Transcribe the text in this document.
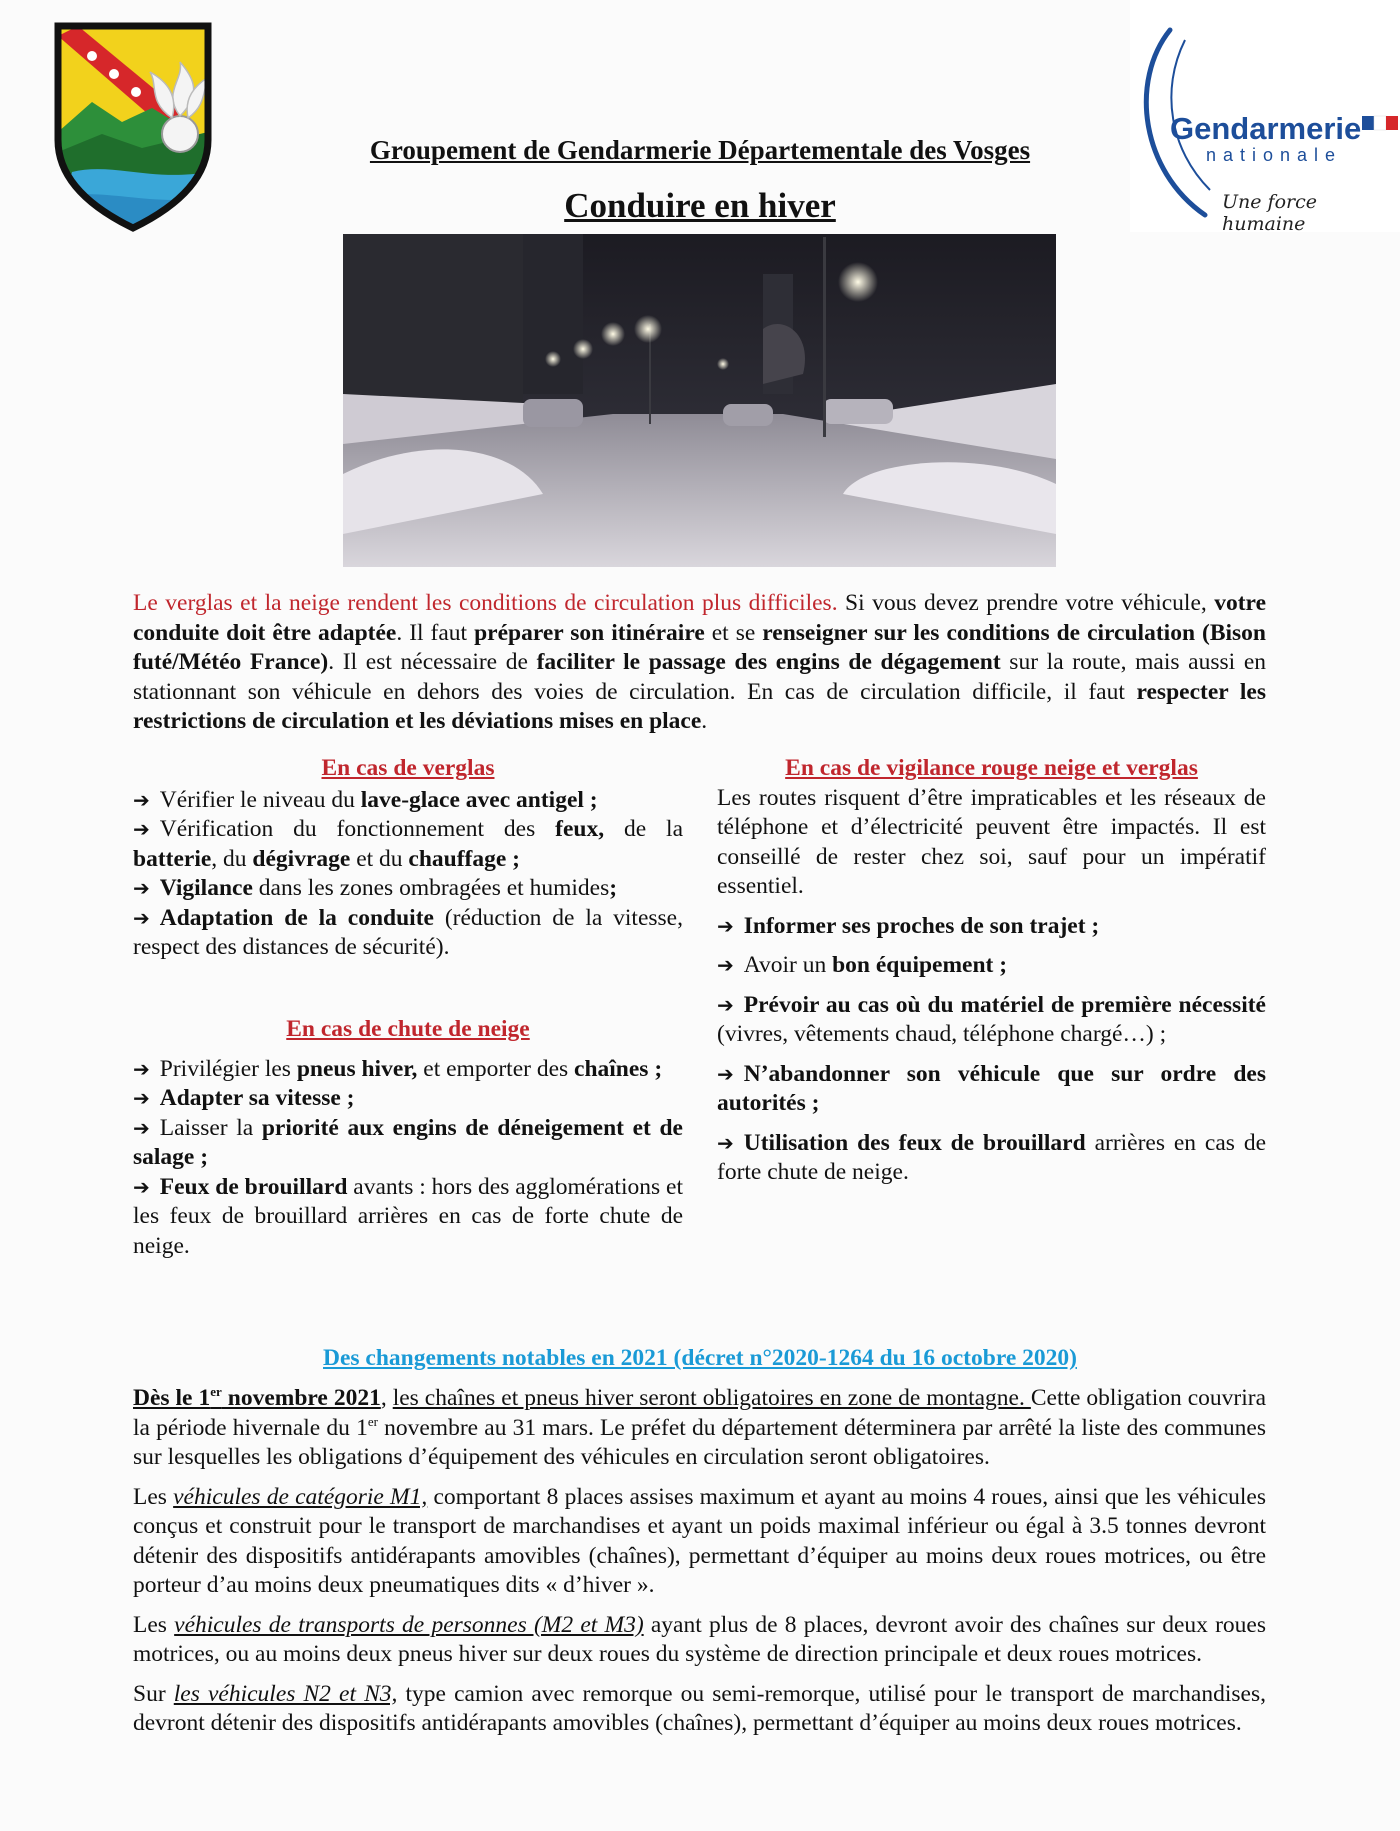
Gendarmerie
nationale
Une force humaine
Groupement de Gendarmerie Départementale des Vosges
Conduire en hiver
Le verglas et la neige rendent les conditions de circulation plus difficiles. Si vous devez prendre votre véhicule, votre conduite doit être adaptée. Il faut préparer son itinéraire et se renseigner sur les conditions de circulation (Bison futé/Météo France). Il est nécessaire de faciliter le passage des engins de dégagement sur la route, mais aussi en stationnant son véhicule en dehors des voies de circulation. En cas de circulation difficile, il faut respecter les restrictions de circulation et les déviations mises en place.
En cas de verglas
➔ Vérifier le niveau du lave-glace avec antigel ;
➔ Vérification du fonctionnement des feux, de la batterie, du dégivrage et du chauffage ;
➔ Vigilance dans les zones ombragées et humides;
➔ Adaptation de la conduite (réduction de la vitesse, respect des distances de sécurité).
En cas de chute de neige
➔ Privilégier les pneus hiver, et emporter des chaînes ;
➔ Adapter sa vitesse ;
➔ Laisser la priorité aux engins de déneigement et de salage ;
➔ Feux de brouillard avants : hors des agglomérations et les feux de brouillard arrières en cas de forte chute de neige.
En cas de vigilance rouge neige et verglas
Les routes risquent d’être impraticables et les réseaux de téléphone et d’électricité peuvent être impactés. Il est conseillé de rester chez soi, sauf pour un impératif essentiel.
➔ Informer ses proches de son trajet ;
➔ Avoir un bon équipement ;
➔ Prévoir au cas où du matériel de première nécessité (vivres, vêtements chaud, téléphone chargé…) ;
➔ N’abandonner son véhicule que sur ordre des autorités ;
➔ Utilisation des feux de brouillard arrières en cas de forte chute de neige.
Des changements notables en 2021 (décret n°2020-1264 du 16 octobre 2020)
Dès le 1er novembre 2021, les chaînes et pneus hiver seront obligatoires en zone de montagne. Cette obligation couvrira la période hivernale du 1er novembre au 31 mars. Le préfet du département déterminera par arrêté la liste des communes sur lesquelles les obligations d’équipement des véhicules en circulation seront obligatoires.
Les véhicules de catégorie M1, comportant 8 places assises maximum et ayant au moins 4 roues, ainsi que les véhicules conçus et construit pour le transport de marchandises et ayant un poids maximal inférieur ou égal à 3.5 tonnes devront détenir des dispositifs antidérapants amovibles (chaînes), permettant d’équiper au moins deux roues motrices, ou être porteur d’au moins deux pneumatiques dits « d’hiver ».
Les véhicules de transports de personnes (M2 et M3) ayant plus de 8 places, devront avoir des chaînes sur deux roues motrices, ou au moins deux pneus hiver sur deux roues du système de direction principale et deux roues motrices.
Sur les véhicules N2 et N3, type camion avec remorque ou semi-remorque, utilisé pour le transport de marchandises, devront détenir des dispositifs antidérapants amovibles (chaînes), permettant d’équiper au moins deux roues motrices.
